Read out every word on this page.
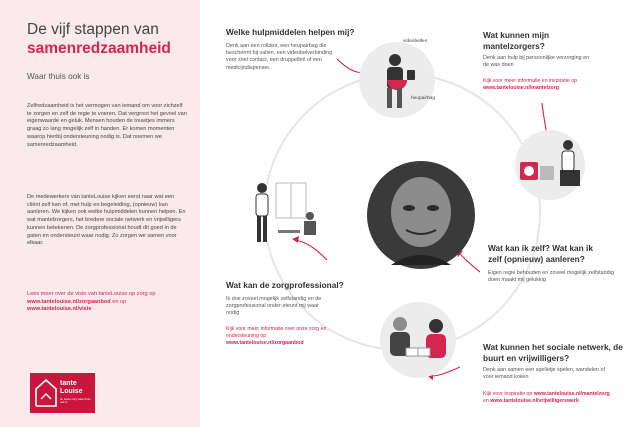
De vijf stappen van
samenredzaamheid
Waar thuis ook is

Zelfredzaamheid is het vermogen van iemand om voor zichzelf te zorgen en zelf de regie te voeren. Dat vergroot het gevoel van eigenwaarde en geluk. Mensen houden de touwtjes immers graag zo lang mogelijk zelf in handen. Er komen momenten waarop hierbij ondersteuning nodig is. Dat noemen we samenredzaamheid.

De medewerkers van tanteLouise kijken eerst naar wat een cliënt zelf kan of, met hulp en begeleiding, (opnieuw) kan aanleren. We kijken ook welke hulpmiddelen kunnen helpen. En wat mantelzorgers, het bredere sociale netwerk en vrijwilligers kunnen betekenen. De zorgprofessional houdt dit goed in de gaten en ondersteunt waar nodig. Zo zorgen we samen voor elkaar.

Lees meer over de visie van tanteLouise op zorg op www.tantelouise.nl/zorgaanbod en op www.tantelouise.nl/visie

tante
Louise
de beste zorg waar thuis ook is
Welke hulpmiddelen helpen mij?
Denk aan een rollator, een heupairbag die beschermt bij vallen, een videobelverbinding voor snel contact, een druppelbril of een medicijndispenser.
videobellen
heupairbag
Wat kunnen mijn mantelzorgers?
Denk aan hulp bij persoonlijke verzorging en de was doen
Kijk voor meer informatie en inspiratie op www.tantelouise.nl/mantelzorg
Wat kan ik zelf? Wat kan ik zelf (opnieuw) aanleren?
Eigen regie behouden en zoveel mogelijk zelfstandig doen maakt mij gelukkig
Wat kan de zorgprofessional?
Ik doe zoveel mogelijk zelfstandig en de zorgprofessional onder-steunt mij waar nodig
Kijk voor meer informatie over onze zorg en ondersteuning op www.tantelouise.nl/zorgaanbod	Wat kunnen het sociale netwerk, de buurt en vrijwilligers?
Denk aan samen een spelletje spelen, wandelen of voor iemand koken
Kijk voor inspiratie op www.tantelouise.nl/mantelzorg en www.tantelouise.nl/vrijwilligerswerk
